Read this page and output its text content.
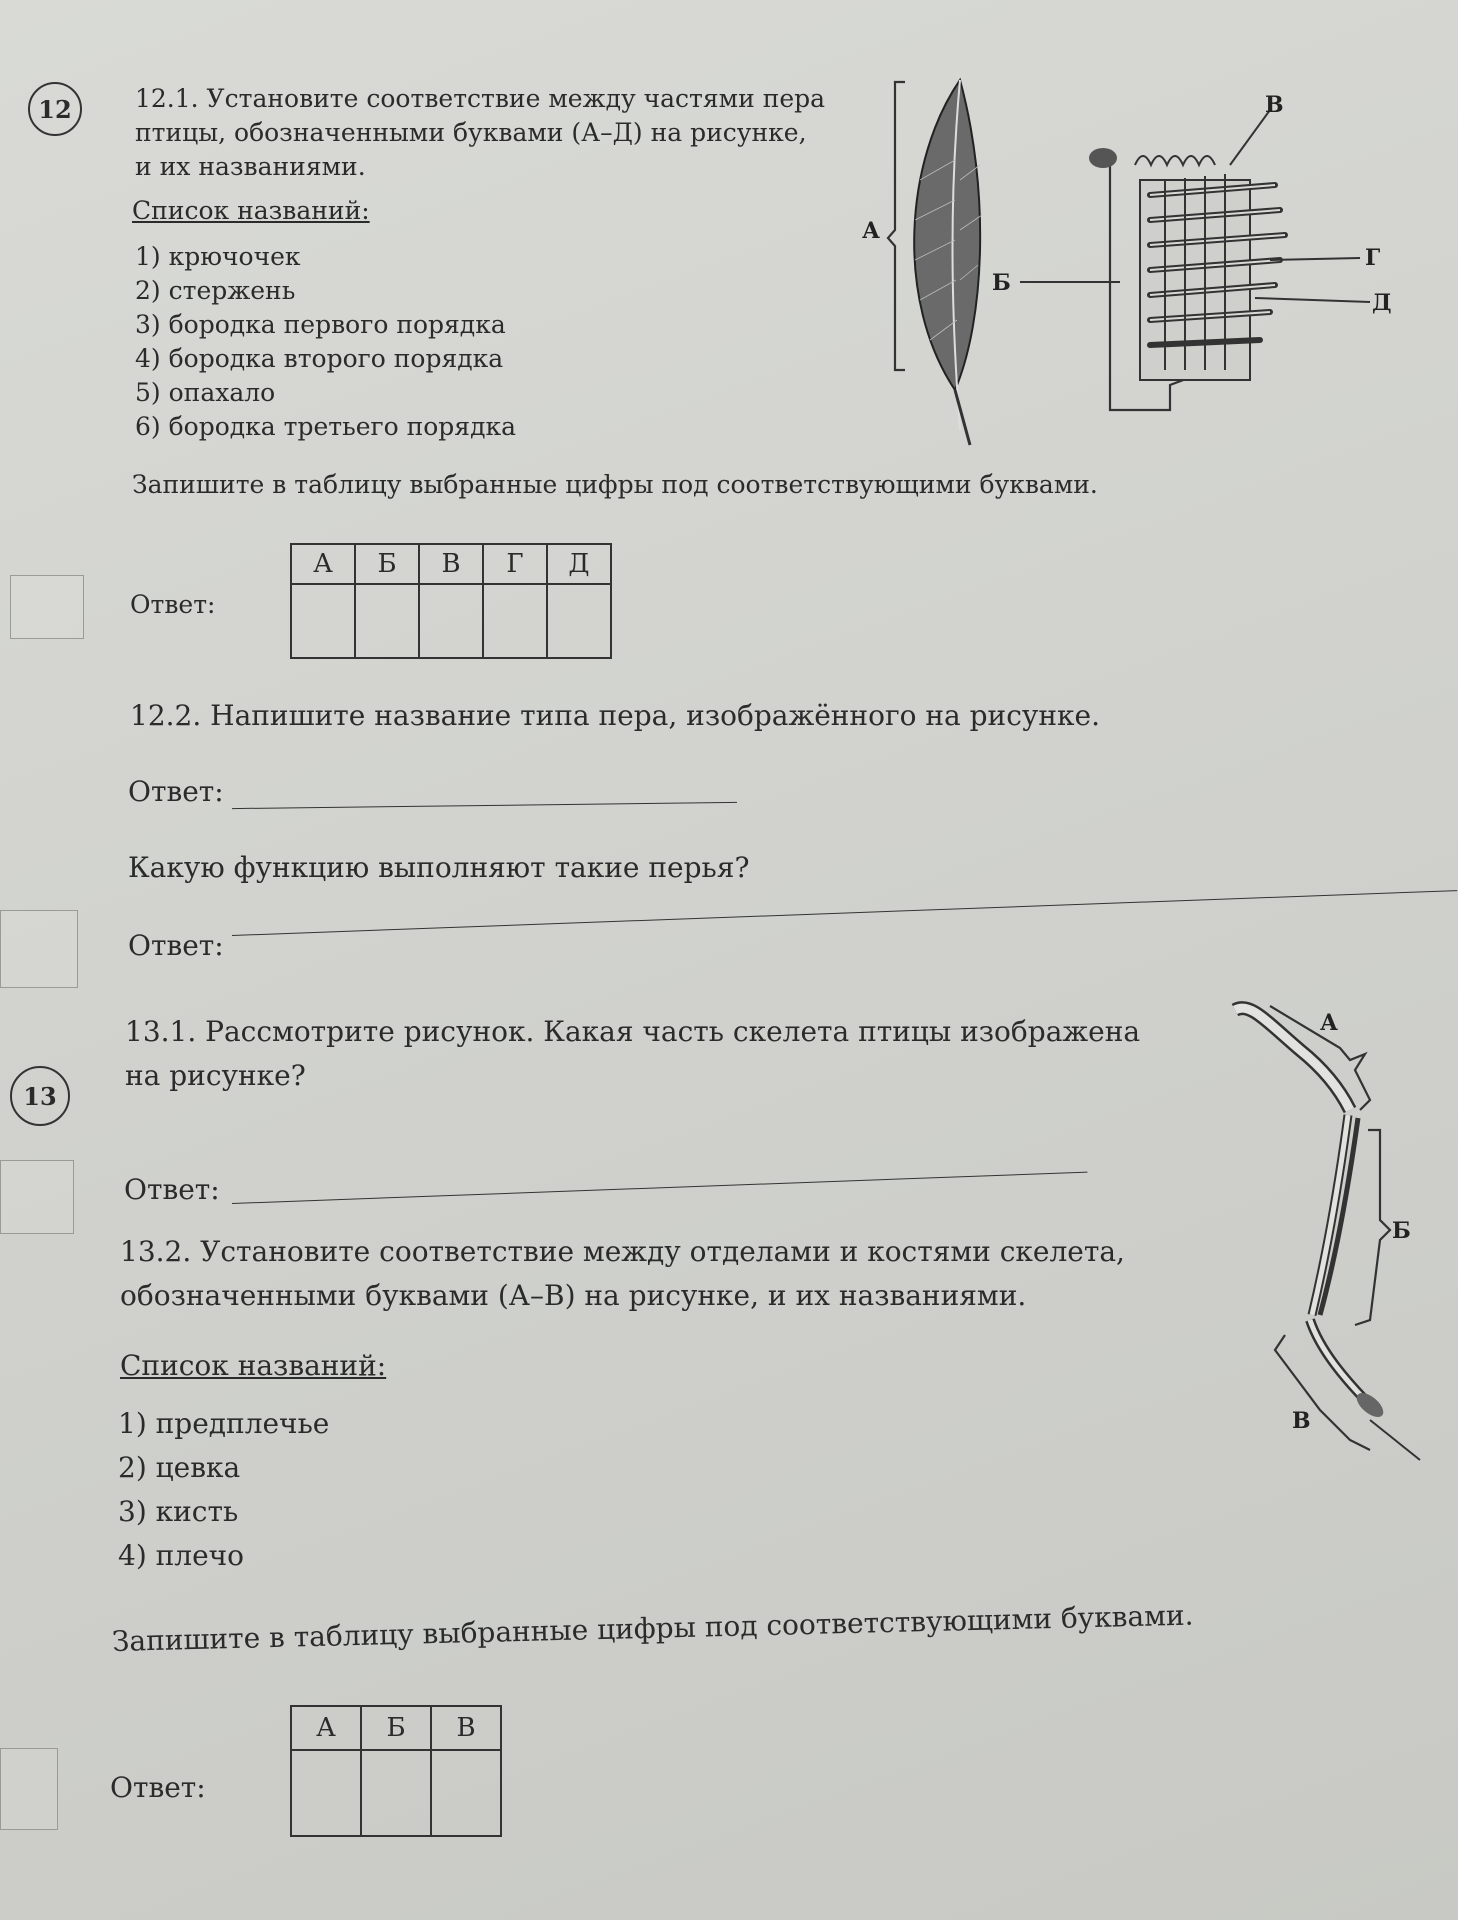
12	12.1. Установите соответствие между частями пера
птицы, обозначенными буквами (А–Д) на рисунке,
и их названиями.
Список названий:
1) крючочек
2) стержень
3) бородка первого порядка
4) бородка второго порядка
5) опахало
6) бородка третьего порядка
А
В
Б
Г
Д
Запишите в таблицу выбранные цифры под соответствующими буквами.
Ответ:
А	Б	В	Г	Д

12.2. Напишите название типа пера, изображённого на рисунке.
Ответ:
Какую функцию выполняют такие перья?
Ответ:
13
13.1. Рассмотрите рисунок. Какая часть скелета птицы изображена
на рисунке?
Ответ:
13.2. Установите соответствие между отделами и костями скелета,
обозначенными буквами (А–В) на рисунке, и их названиями.
Список названий:
1) предплечье
2) цевка
3) кисть
4) плечо
А
Б
В
Запишите в таблицу выбранные цифры под соответствующими буквами.
Ответ:
А	Б	В
